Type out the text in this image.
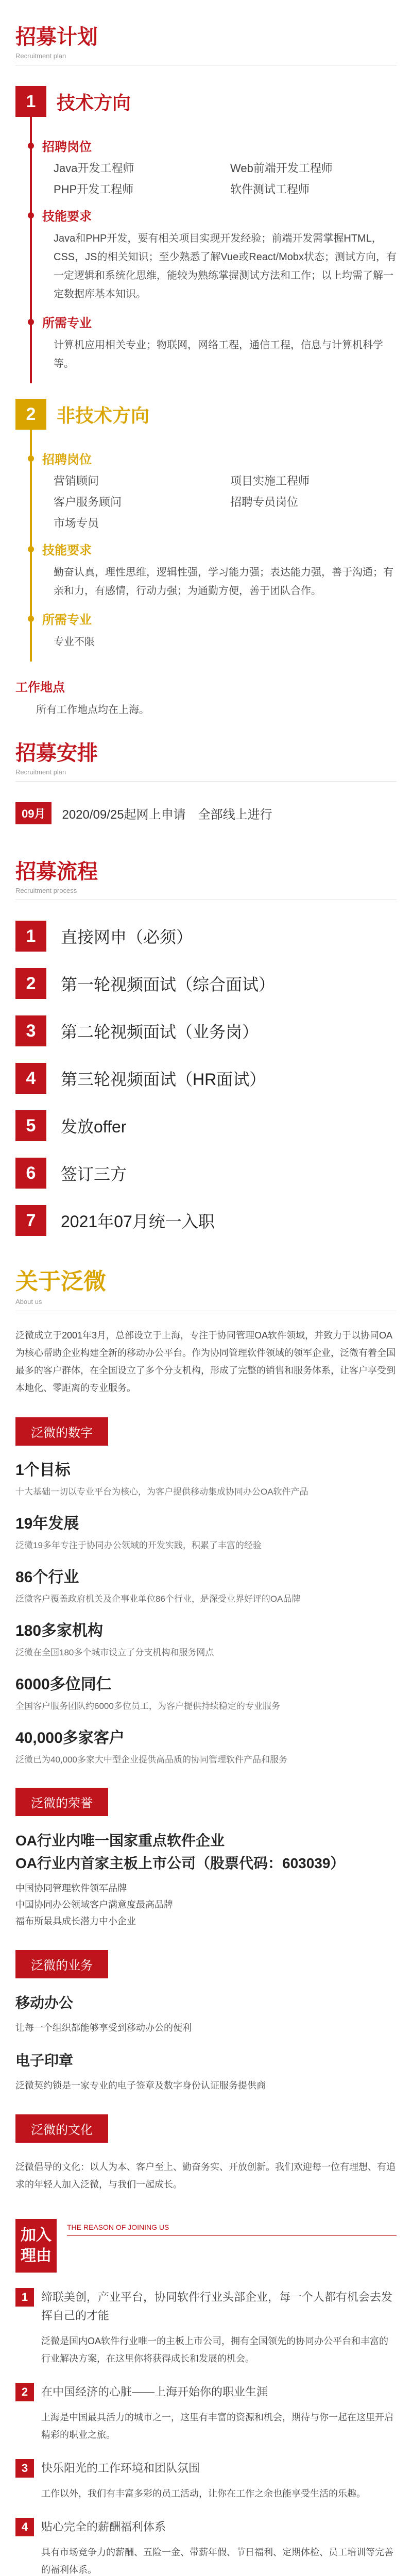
招募计划
Recruitment plan
1	技术方向
招聘岗位
Java开发工程师	Web前端开发工程师
PHP开发工程师	软件测试工程师
技能要求
Java和PHP开发，要有相关项目实现开发经验；前端开发需掌握HTML，CSS，JS的相关知识；至少熟悉了解Vue或React/Mobx状态；测试方向，有一定逻辑和系统化思维，能较为熟练掌握测试方法和工作；以上均需了解一定数据库基本知识。
所需专业
计算机应用相关专业；物联网，网络工程，通信工程，信息与计算机科学等。
2	非技术方向
招聘岗位
营销顾问	项目实施工程师
客户服务顾问	招聘专员岗位
市场专员
技能要求
勤奋认真，理性思维，逻辑性强，学习能力强；表达能力强，善于沟通；有亲和力，有感情，行动力强；为通勤方便，善于团队合作。
所需专业
专业不限
工作地点
所有工作地点均在上海。
招募安排
Recruitment plan
09月	2020/09/25起网上申请　全部线上进行
招募流程
Recruitment process
1	直接网申（必须）
2	第一轮视频面试（综合面试）
3	第二轮视频面试（业务岗）
4	第三轮视频面试（HR面试）
5	发放offer
6	签订三方
7	2021年07月统一入职
关于泛微
About us
泛微成立于2001年3月，总部设立于上海，专注于协同管理OA软件领域，并致力于以协同OA为核心帮助企业构建全新的移动办公平台。作为协同管理软件领域的领军企业，泛微有着全国最多的客户群体，在全国设立了多个分支机构，形成了完整的销售和服务体系，让客户享受到本地化、零距离的专业服务。
泛微的数字
1个目标
十大基础一切以专业平台为核心，为客户提供移动集成协同办公OA软件产品
19年发展
泛微19多年专注于协同办公领域的开发实践，积累了丰富的经验
86个行业
泛微客户覆盖政府机关及企事业单位86个行业，是深受业界好评的OA品牌
180多家机构
泛微在全国180多个城市设立了分支机构和服务网点
6000多位同仁
全国客户服务团队约6000多位员工，为客户提供持续稳定的专业服务
40,000多家客户
泛微已为40,000多家大中型企业提供高品质的协同管理软件产品和服务
泛微的荣誉
OA行业内唯一国家重点软件企业
OA行业内首家主板上市公司（股票代码：603039）
中国协同管理软件领军品牌
中国协同办公领域客户满意度最高品牌
福布斯最具成长潜力中小企业
泛微的业务
移动办公
让每一个组织都能够享受到移动办公的便利
电子印章
泛微契约锁是一家专业的电子签章及数字身份认证服务提供商
泛微的文化
泛微倡导的文化：以人为本、客户至上、勤奋务实、开放创新。我们欢迎每一位有理想、有追求的年轻人加入泛微，与我们一起成长。
加入理由
THE REASON OF JOINING US
1	缔联美创，产业平台，协同软件行业头部企业，每一个人都有机会去发挥自己的才能
泛微是国内OA软件行业唯一的主板上市公司，拥有全国领先的协同办公平台和丰富的行业解决方案，在这里你将获得成长和发展的机会。
2	在中国经济的心脏——上海开始你的职业生涯
上海是中国最具活力的城市之一，这里有丰富的资源和机会，期待与你一起在这里开启精彩的职业之旅。
3	快乐阳光的工作环境和团队氛围
工作以外，我们有丰富多彩的员工活动，让你在工作之余也能享受生活的乐趣。
4	贴心完全的薪酬福利体系
具有市场竞争力的薪酬、五险一金、带薪年假、节日福利、定期体检、员工培训等完善的福利体系。
